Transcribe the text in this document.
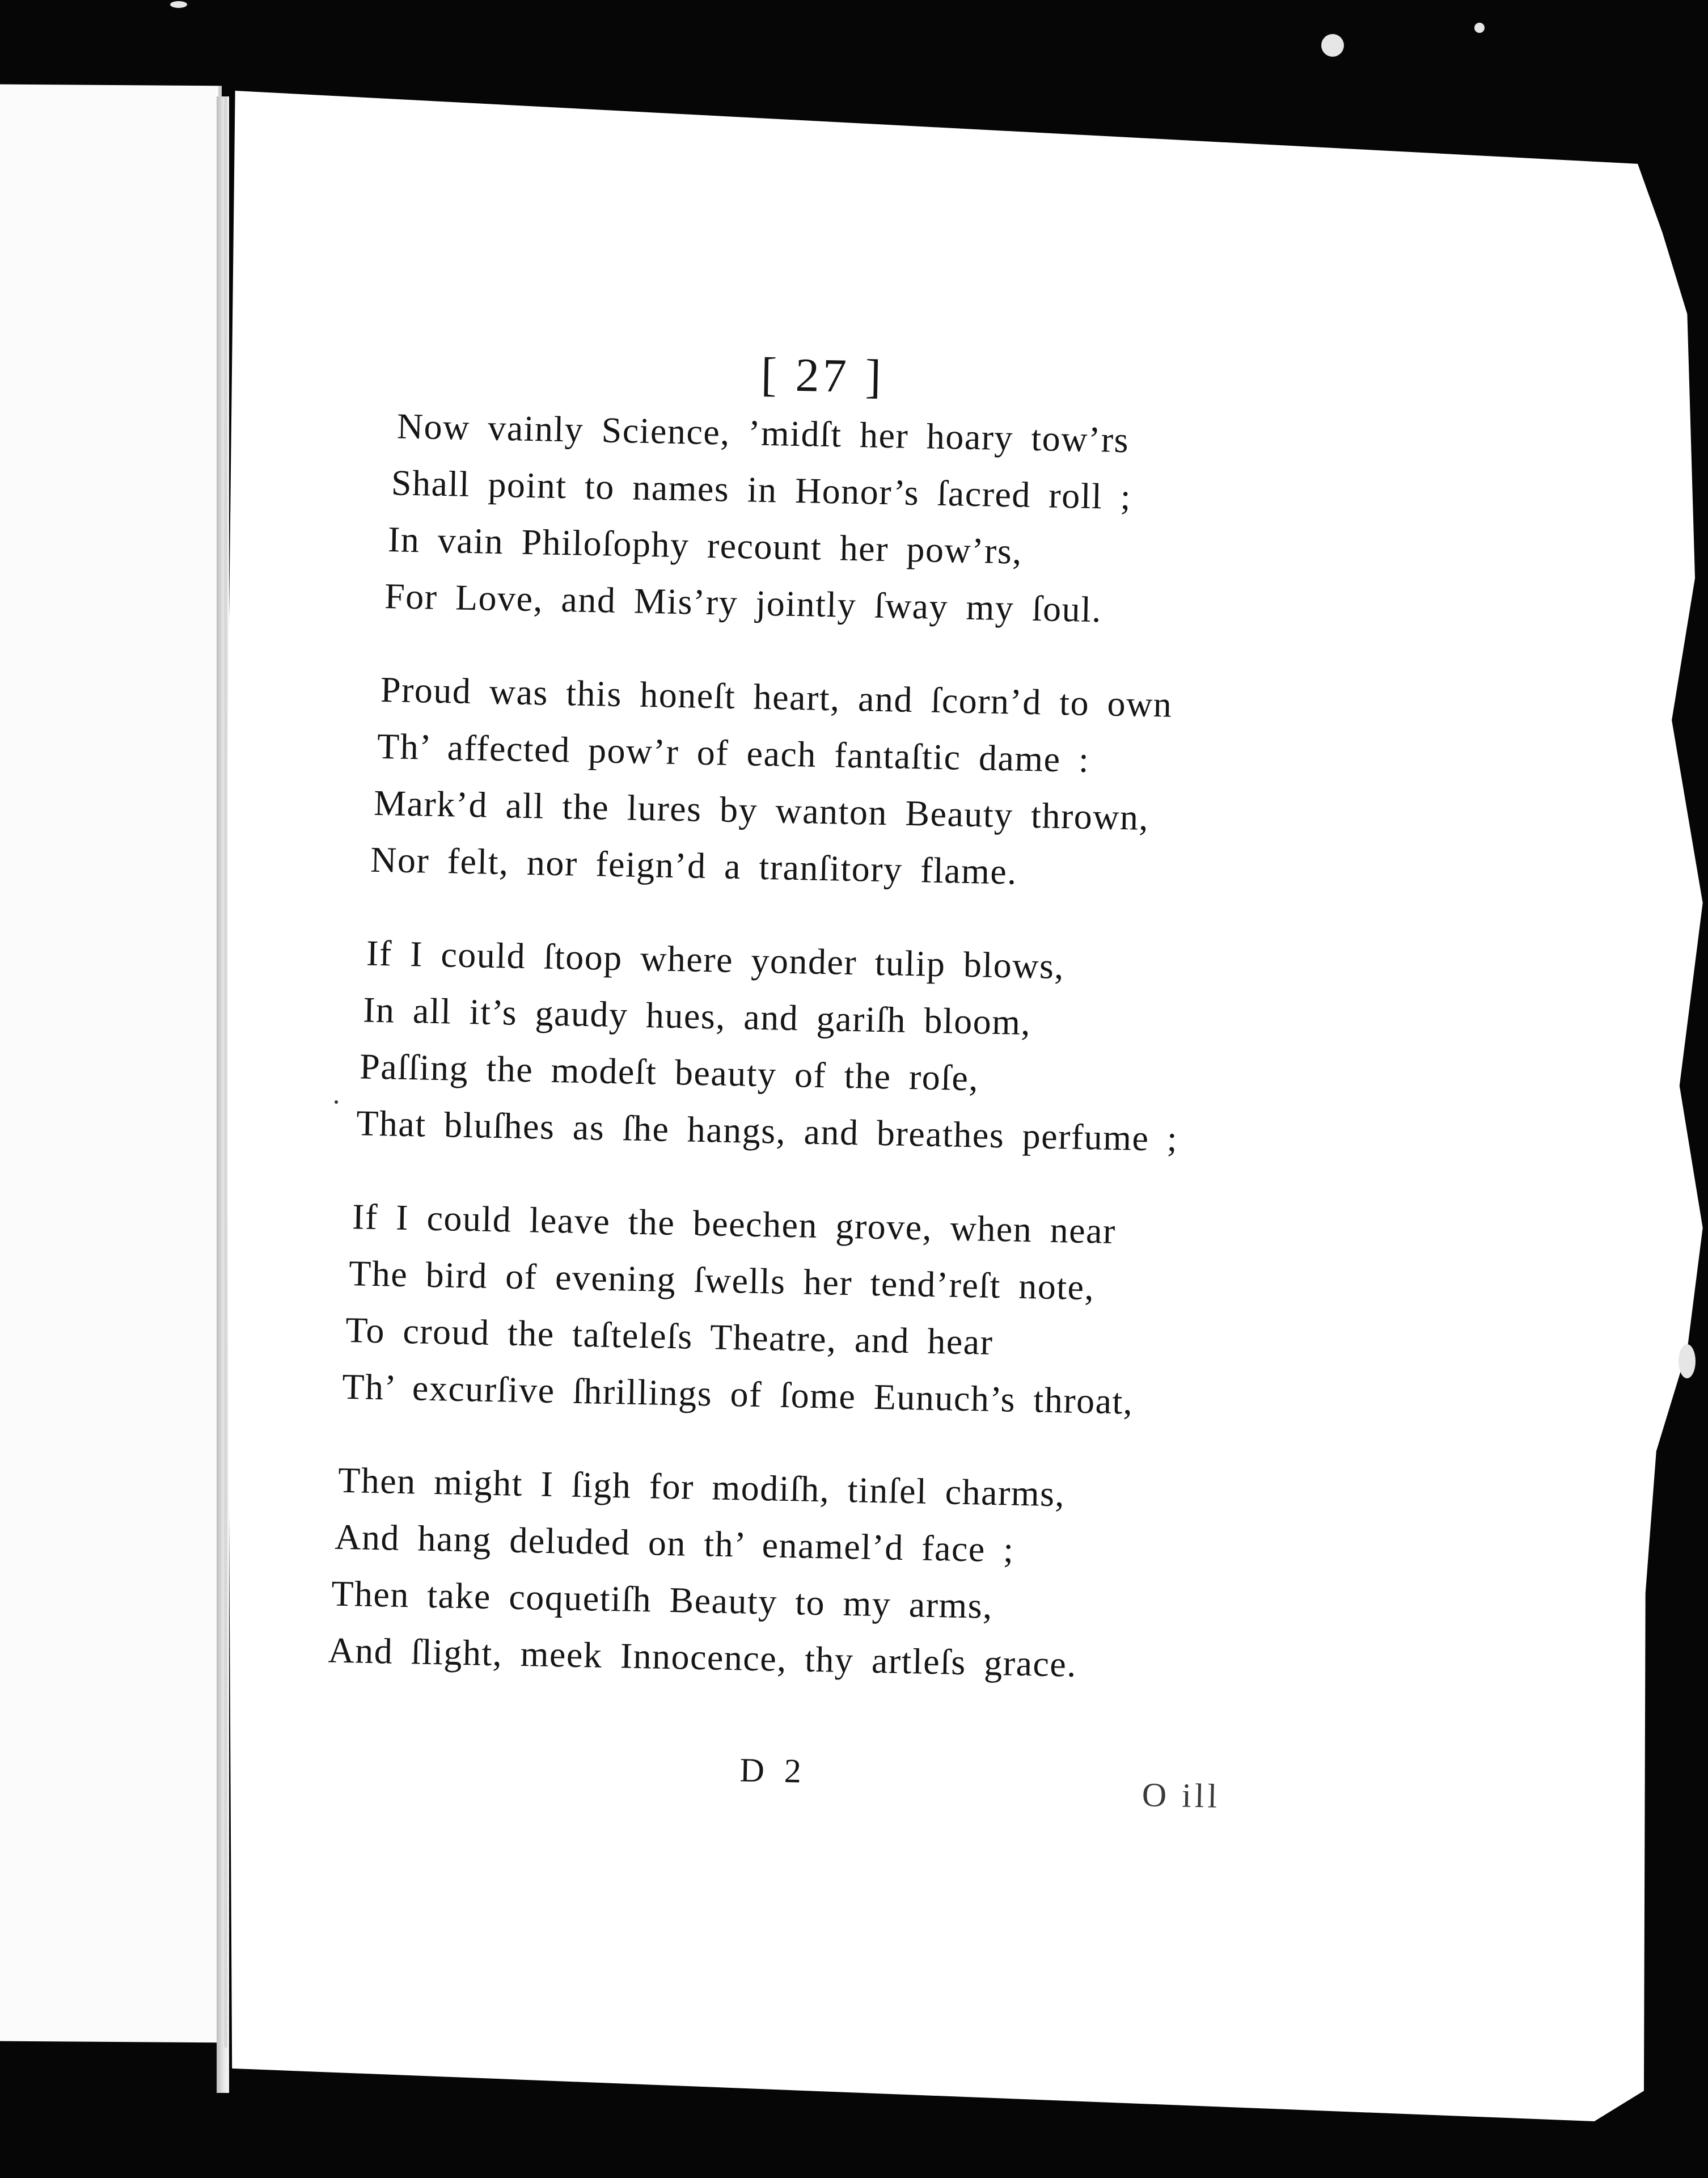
[ 27 ]
Now vainly Science, ’midſt her hoary tow’rs
Shall point to names in Honor’s ſacred roll ;
In vain Philoſophy recount her pow’rs,
For Love, and Mis’ry jointly ſway my ſoul.
Proud was this honeſt heart, and ſcorn’d to own
Th’ affected pow’r of each fantaſtic dame :
Mark’d all the lures by wanton Beauty thrown,
Nor felt, nor feign’d a tranſitory flame.
If I could ſtoop where yonder tulip blows,
In all it’s gaudy hues, and gariſh bloom,
Paſſing the modeſt beauty of the roſe,
That bluſhes as ſhe hangs, and breathes perfume ;
If I could leave the beechen grove, when near
The bird of evening ſwells her tend’reſt note,
To croud the taſteleſs Theatre, and hear
Th’ excurſive ſhrillings of ſome Eunuch’s throat,
Then might I ſigh for modiſh, tinſel charms,
And hang deluded on th’ enamel’d face ;
Then take coquetiſh Beauty to my arms,
And ſlight, meek Innocence, thy artleſs grace.
D 2
O ill
